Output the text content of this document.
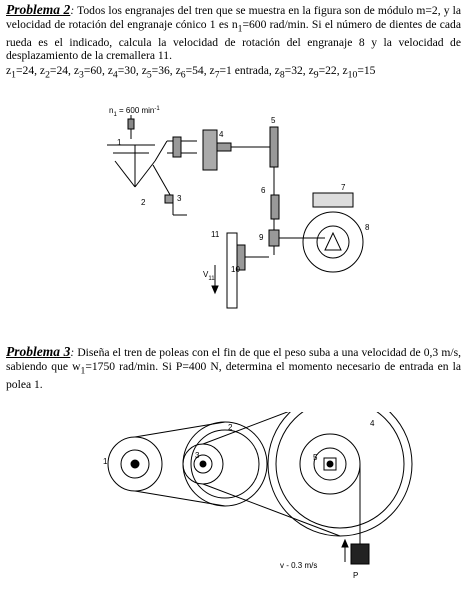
Problema 2: Todos los engranajes del tren que se muestra en la figura son de módulo m=2, y la velocidad de rotación del engranaje cónico 1 es $n_1=600$ rad/min. Si el número de dientes de cada rueda es el indicado, calcula la velocidad de rotación del engranaje 8 y la velocidad de desplazamiento de la cremallera 11.

$z_1=24$, $z_2=24$, $z_3=60$, $z_4=30$, $z_5=36$, $z_6=54$, $z_7=1$ entrada, $z_8=32$, $z_9=22$, $z_{10}=15$
$n_1 = 600$ $\min^{-1}$
1
2	3
4
5
6	7
8
9
10
11
$V_{11}$

Problema 3: Diseña el tren de poleas con el fin de que el peso suba a una velocidad de 0,3 m/s, sabiendo que $w_1=1750$ rad/min. Si P=400 N, determina el momento necesario de entrada en la polea 1.

1
2
3
4
5
v - 0.3 m/s
P
